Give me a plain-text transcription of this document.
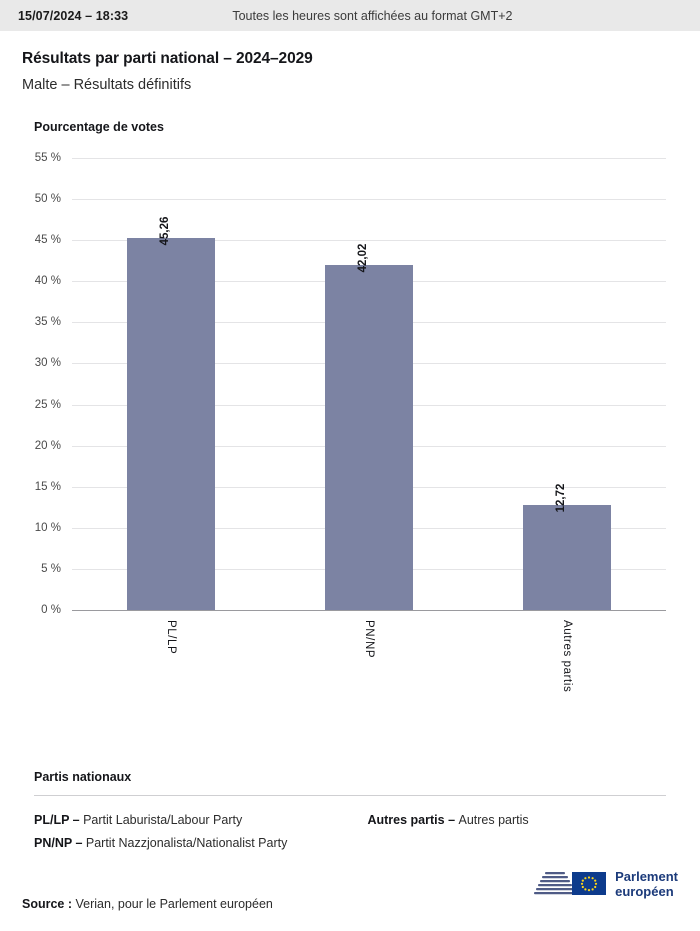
15/07/2024 – 18:33	Toutes les heures sont affichées au format GMT+2
Résultats par parti national – 2024–2029
Malte – Résultats définitifs
Pourcentage de votes
0 %
5 %
10 %
15 %
20 %
25 %
30 %
35 %
40 %
45 %
50 %
55 %
45,26
PL/LP
42,02
PN/NP
12,72
Autres partis
Partis nationaux
PL/LP – Partit Laburista/Labour Party
PN/NP – Partit Nazzjonalista/Nationalist Party

Autres partis – Autres partis
Source : Verian, pour le Parlement européen
Parlement
européen
